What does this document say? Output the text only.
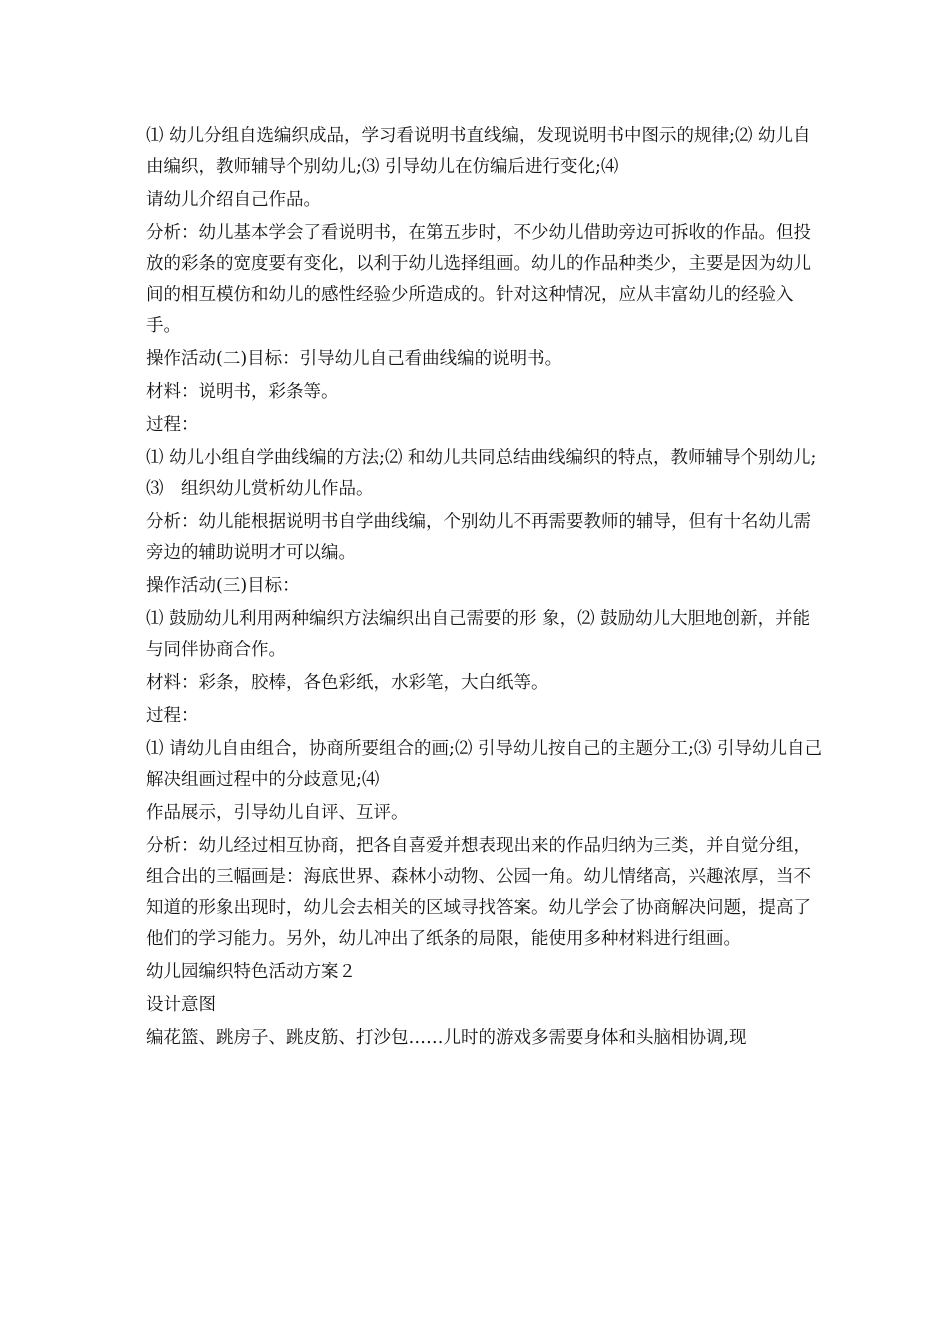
⑴ 幼儿分组自选编织成品，学习看说明书直线编，发现说明书中图示的规律;⑵ 幼儿自由编织，教师辅导个别幼儿;⑶ 引导幼儿在仿编后进行变化;⑷

请幼儿介绍自己作品。

分析：幼儿基本学会了看说明书，在第五步时，不少幼儿借助旁边可拆收的作品。但投放的彩条的宽度要有变化，以利于幼儿选择组画。幼儿的作品种类少，主要是因为幼儿间的相互模仿和幼儿的感性经验少所造成的。针对这种情况，应从丰富幼儿的经验入手。

操作活动(二)目标：引导幼儿自己看曲线编的说明书。

材料：说明书，彩条等。

过程：

⑴ 幼儿小组自学曲线编的方法;⑵ 和幼儿共同总结曲线编织的特点，教师辅导个别幼儿;⑶　组织幼儿赏析幼儿作品。

分析：幼儿能根据说明书自学曲线编，个别幼儿不再需要教师的辅导，但有十名幼儿需旁边的辅助说明才可以编。

操作活动(三)目标：

⑴ 鼓励幼儿利用两种编织方法编织出自己需要的形 象，⑵ 鼓励幼儿大胆地创新，并能与同伴协商合作。

材料：彩条，胶棒，各色彩纸，水彩笔，大白纸等。

过程：

⑴ 请幼儿自由组合，协商所要组合的画;⑵ 引导幼儿按自己的主题分工;⑶ 引导幼儿自己解决组画过程中的分歧意见;⑷

作品展示，引导幼儿自评、互评。

分析：幼儿经过相互协商，把各自喜爱并想表现出来的作品归纳为三类，并自觉分组，组合出的三幅画是：海底世界、森林小动物、公园一角。幼儿情绪高，兴趣浓厚，当不知道的形象出现时，幼儿会去相关的区域寻找答案。幼儿学会了协商解决问题，提高了他们的学习能力。另外，幼儿冲出了纸条的局限，能使用多种材料进行组画。

幼儿园编织特色活动方案２

设计意图

编花篮、跳房子、跳皮筋、打沙包……儿时的游戏多需要身体和头脑相协调,现
